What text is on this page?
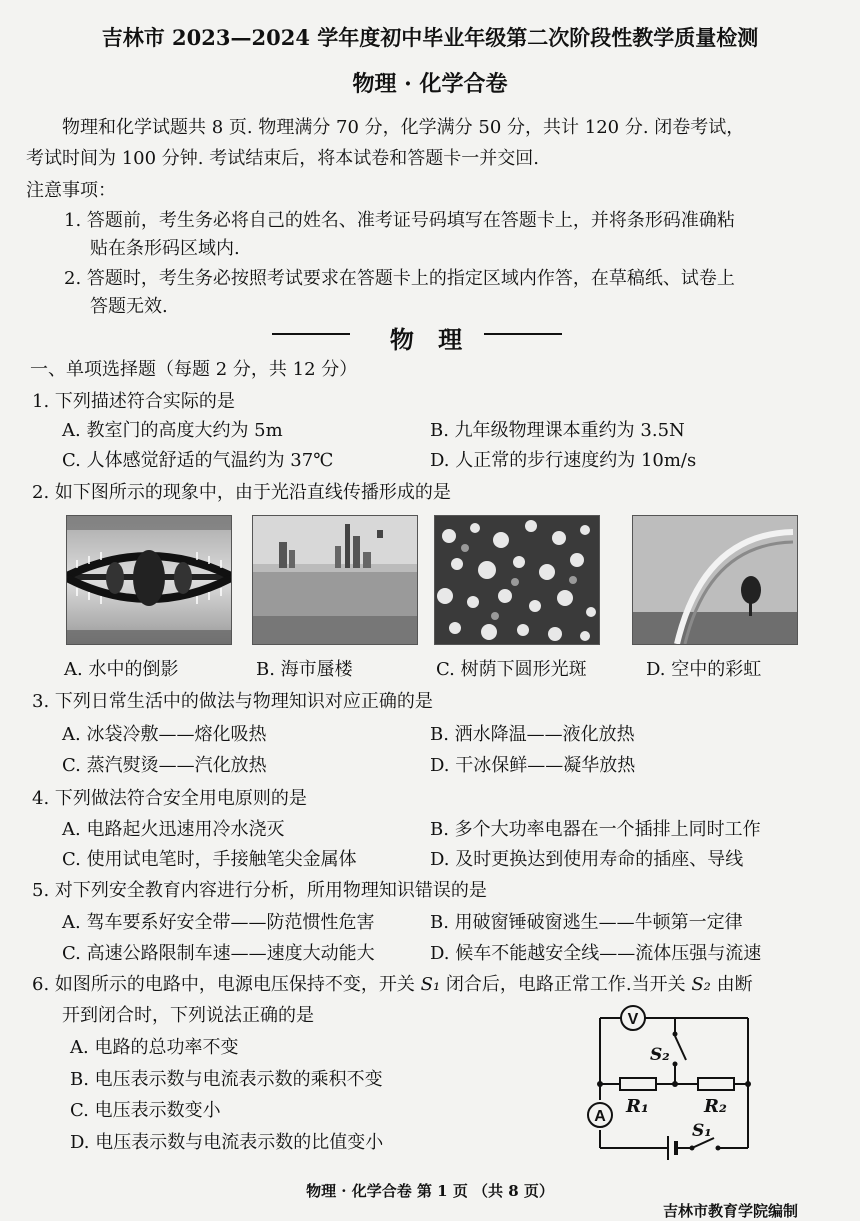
吉林市 2023—2024 学年度初中毕业年级第二次阶段性教学质量检测
物理 · 化学合卷
物理和化学试题共 8 页. 物理满分 70 分，化学满分 50 分，共计 120 分. 闭卷考试，
考试时间为 100 分钟. 考试结束后，将本试卷和答题卡一并交回.
注意事项：
1. 答题前，考生务必将自己的姓名、准考证号码填写在答题卡上，并将条形码准确粘
贴在条形码区域内.
2. 答题时，考生务必按照考试要求在答题卡上的指定区域内作答，在草稿纸、试卷上
答题无效.
物 理
一、单项选择题（每题 2 分，共 12 分）
1. 下列描述符合实际的是
A. 教室门的高度大约为 5m	B. 九年级物理课本重约为 3.5N
C. 人体感觉舒适的气温约为 37℃	D. 人正常的步行速度约为 10m/s
2. 如下图所示的现象中，由于光沿直线传播形成的是
A. 水中的倒影	B. 海市蜃楼	C. 树荫下圆形光斑	D. 空中的彩虹
3. 下列日常生活中的做法与物理知识对应正确的是
A. 冰袋冷敷——熔化吸热	B. 洒水降温——液化放热
C. 蒸汽熨烫——汽化放热	D. 干冰保鲜——凝华放热
4. 下列做法符合安全用电原则的是
A. 电路起火迅速用冷水浇灭	B. 多个大功率电器在一个插排上同时工作
C. 使用试电笔时，手接触笔尖金属体	D. 及时更换达到使用寿命的插座、导线
5. 对下列安全教育内容进行分析，所用物理知识错误的是
A. 驾车要系好安全带——防范惯性危害	B. 用破窗锤破窗逃生——牛顿第一定律
C. 高速公路限制车速——速度大动能大	D. 候车不能越安全线——流体压强与流速
6. 如图所示的电路中，电源电压保持不变，开关 S₁ 闭合后，电路正常工作.当开关 S₂ 由断
开到闭合时，下列说法正确的是
A. 电路的总功率不变
B. 电压表示数与电流表示数的乘积不变
C. 电压表示数变小
D. 电压表示数与电流表示数的比值变小
V
A R₁	R₂
S₂
S₁
物理 · 化学合卷 第 1 页 （共 8 页）
吉林市教育学院编制
